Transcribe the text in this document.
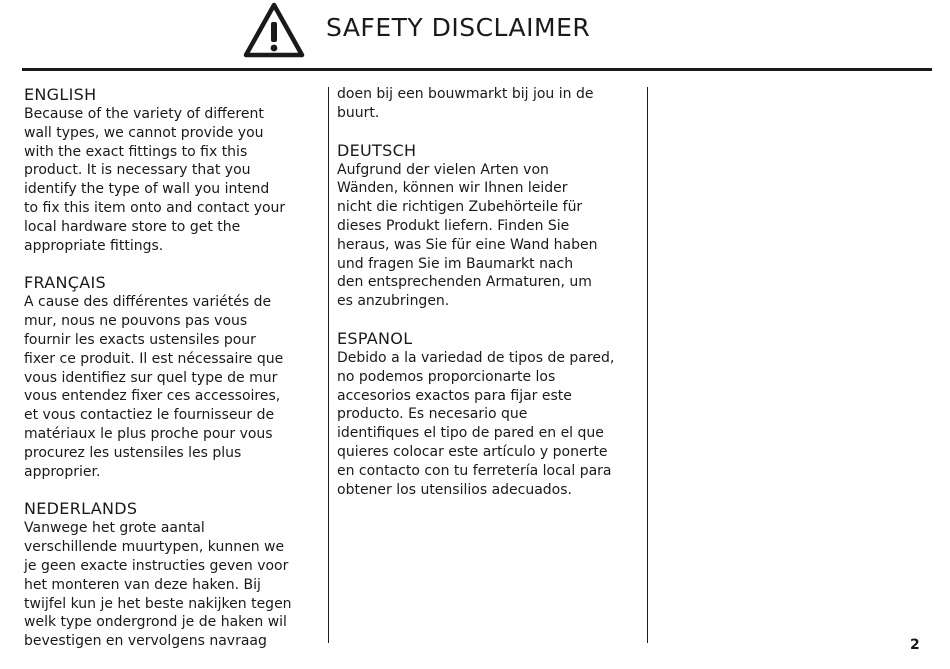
SAFETY DISCLAIMER
ENGLISH
Because of the variety of different
wall types, we cannot provide you
with the exact fittings to fix this
product. It is necessary that you
identify the type of wall you intend
to fix this item onto and contact your
local hardware store to get the
appropriate fittings.
FRANÇAIS
A cause des différentes variétés de
mur, nous ne pouvons pas vous
fournir les exacts ustensiles pour
fixer ce produit. Il est nécessaire que
vous identifiez sur quel type de mur
vous entendez fixer ces accessoires,
et vous contactiez le fournisseur de
matériaux le plus proche pour vous
procurez les ustensiles les plus
approprier.
NEDERLANDS
Vanwege het grote aantal
verschillende muurtypen, kunnen we
je geen exacte instructies geven voor
het monteren van deze haken. Bij
twijfel kun je het beste nakijken tegen
welk type ondergrond je de haken wil
bevestigen en vervolgens navraag
doen bij een bouwmarkt bij jou in de
buurt.
DEUTSCH
Aufgrund der vielen Arten von
Wänden, können wir Ihnen leider
nicht die richtigen Zubehörteile für
dieses Produkt liefern. Finden Sie
heraus, was Sie für eine Wand haben
und fragen Sie im Baumarkt nach
den entsprechenden Armaturen, um
es anzubringen.
ESPANOL
Debido a la variedad de tipos de pared,
no podemos proporcionarte los
accesorios exactos para fijar este
producto. Es necesario que
identifiques el tipo de pared en el que
quieres colocar este artículo y ponerte
en contacto con tu ferretería local para
obtener los utensilios adecuados.
2
